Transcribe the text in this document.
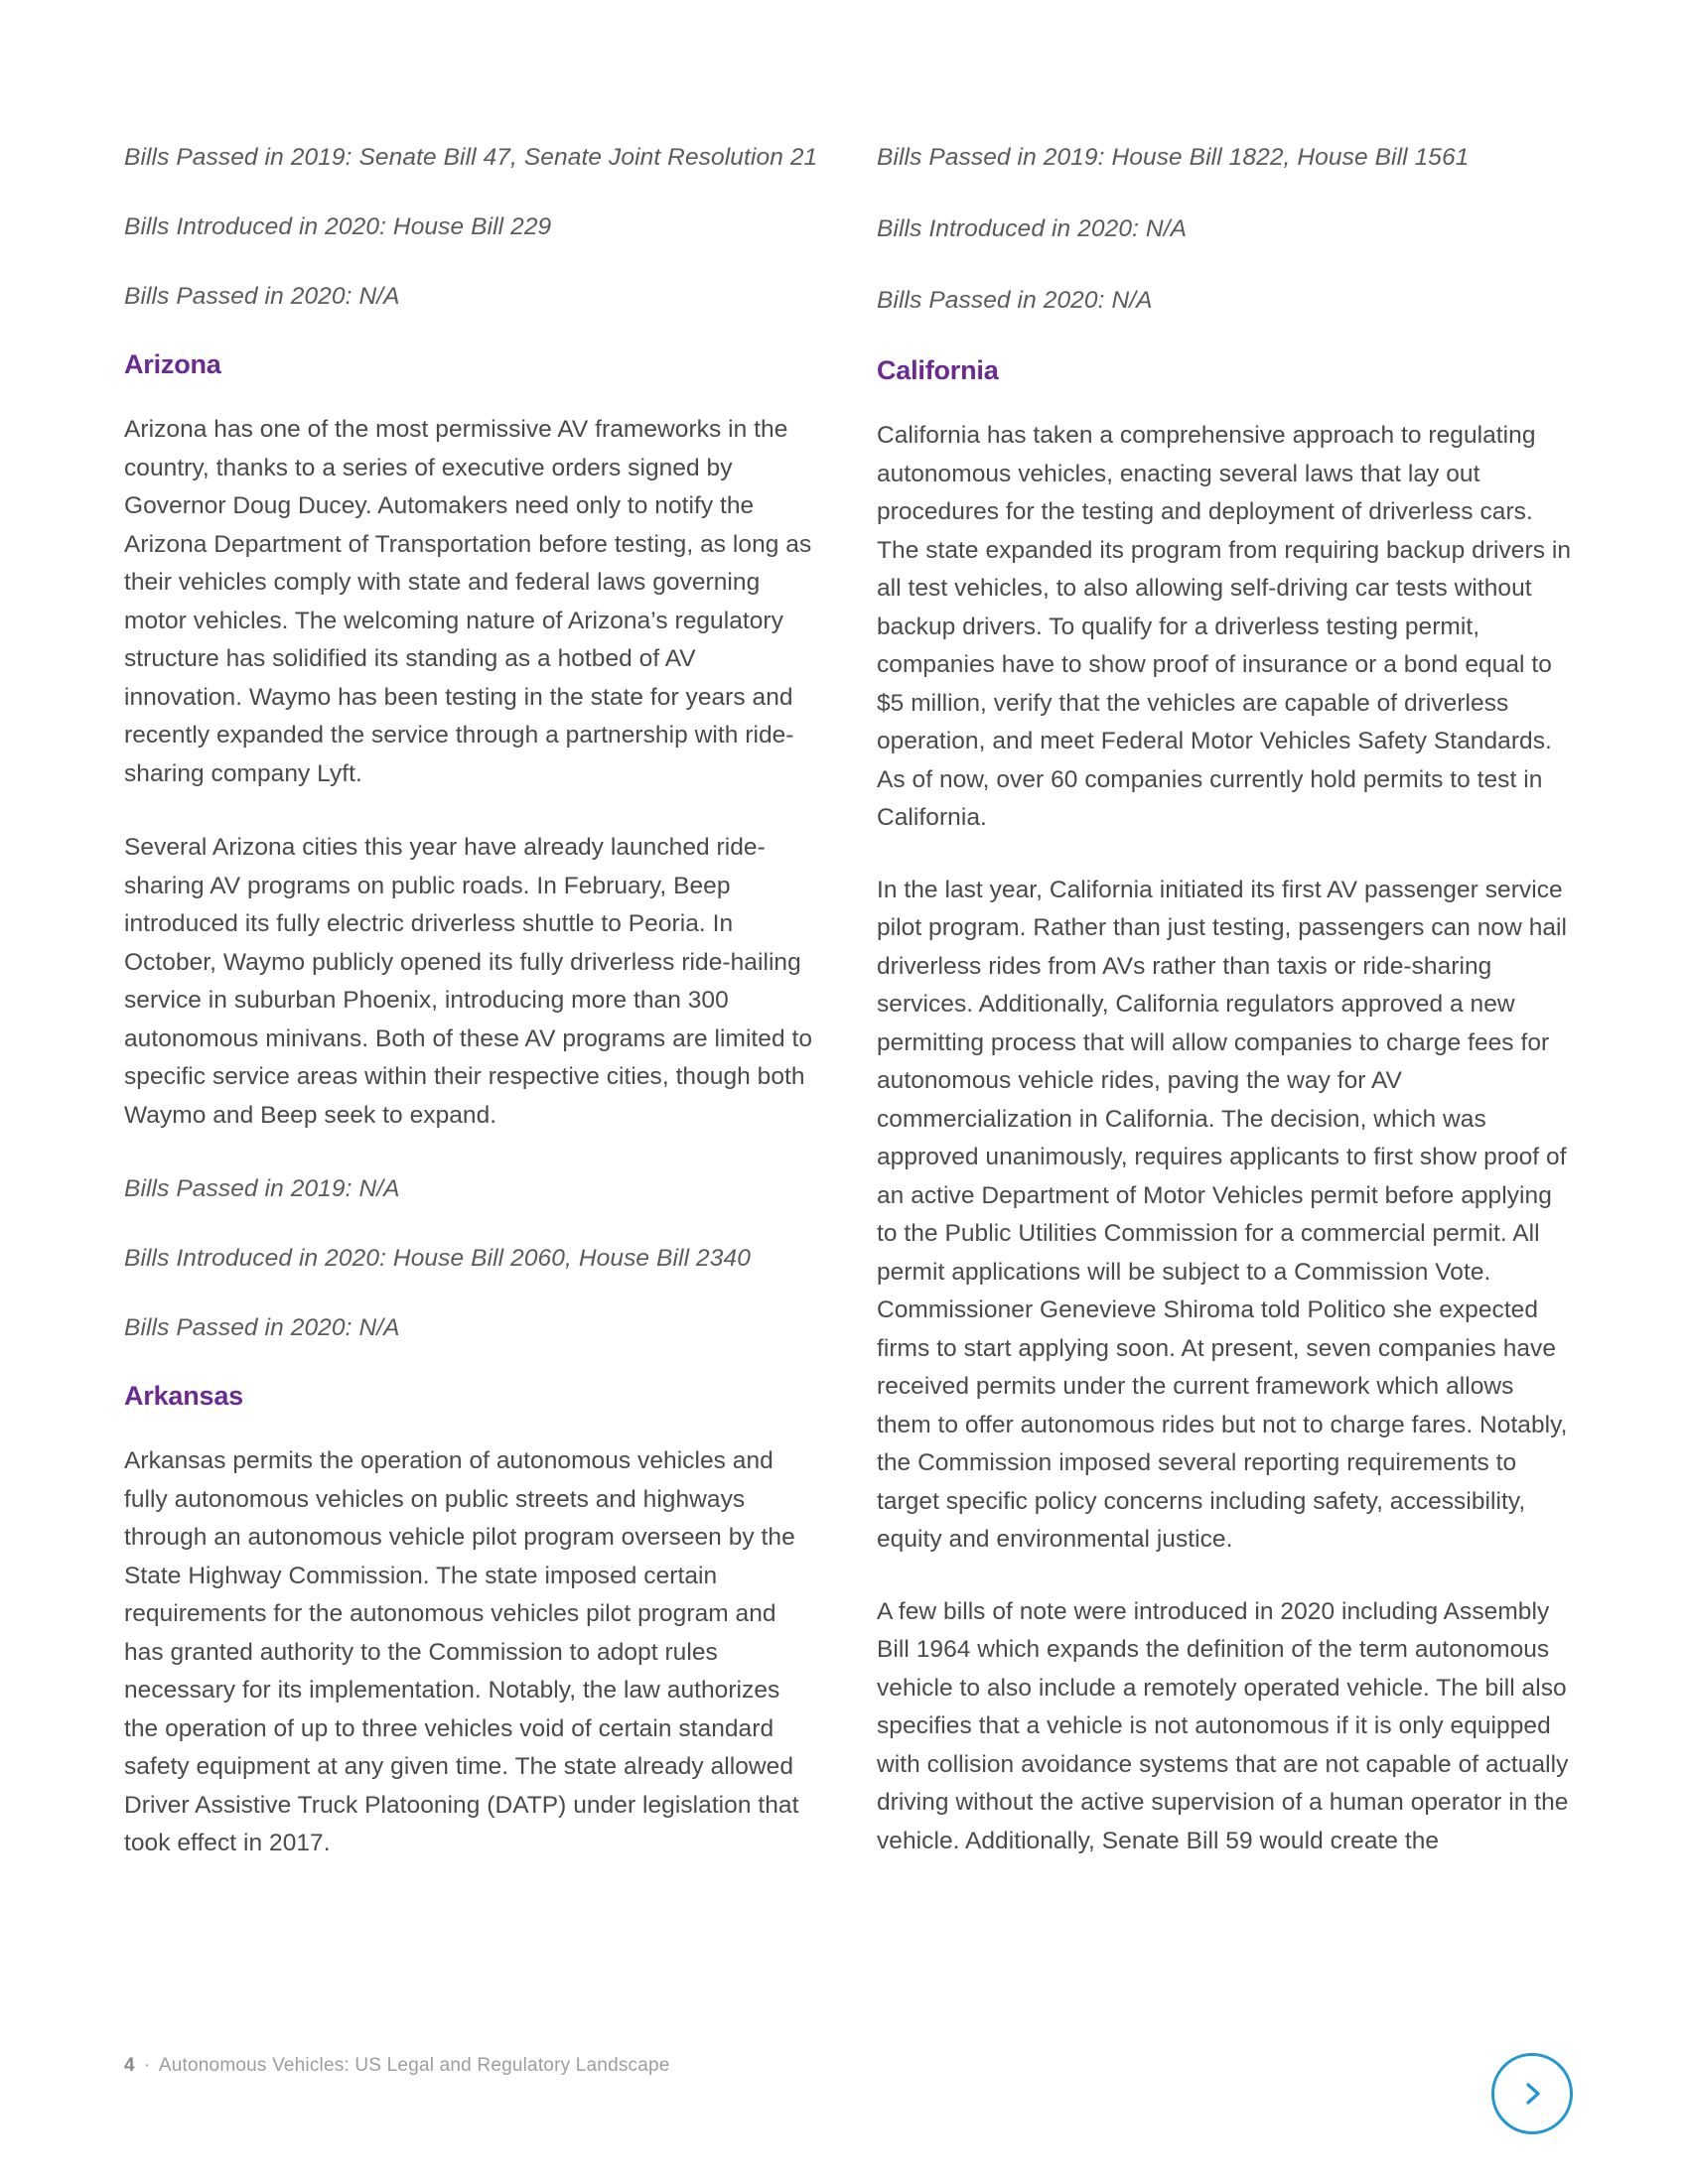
Bills Passed in 2019: Senate Bill 47, Senate Joint Resolution 21

Bills Introduced in 2020: House Bill 229

Bills Passed in 2020: N/A

Arizona

Arizona has one of the most permissive AV frameworks in the country, thanks to a series of executive orders signed by Governor Doug Ducey. Automakers need only to notify the Arizona Department of Transportation before testing, as long as their vehicles comply with state and federal laws governing motor vehicles. The welcoming nature of Arizona’s regulatory structure has solidified its standing as a hotbed of AV innovation. Waymo has been testing in the state for years and recently expanded the service through a partnership with ride-sharing company Lyft.

Several Arizona cities this year have already launched ride-sharing AV programs on public roads. In February, Beep introduced its fully electric driverless shuttle to Peoria. In October, Waymo publicly opened its fully driverless ride-hailing service in suburban Phoenix, introducing more than 300 autonomous minivans. Both of these AV programs are limited to specific service areas within their respective cities, though both Waymo and Beep seek to expand.

Bills Passed in 2019: N/A

Bills Introduced in 2020: House Bill 2060, House Bill 2340

Bills Passed in 2020: N/A

Arkansas

Arkansas permits the operation of autonomous vehicles and fully autonomous vehicles on public streets and highways through an autonomous vehicle pilot program overseen by the State Highway Commission. The state imposed certain requirements for the autonomous vehicles pilot program and has granted authority to the Commission to adopt rules necessary for its implementation. Notably, the law authorizes the operation of up to three vehicles void of certain standard safety equipment at any given time. The state already allowed Driver Assistive Truck Platooning (DATP) under legislation that took effect in 2017.

Bills Passed in 2019: House Bill 1822, House Bill 1561

Bills Introduced in 2020: N/A

Bills Passed in 2020: N/A

California

California has taken a comprehensive approach to regulating autonomous vehicles, enacting several laws that lay out procedures for the testing and deployment of driverless cars. The state expanded its program from requiring backup drivers in all test vehicles, to also allowing self-driving car tests without backup drivers. To qualify for a driverless testing permit, companies have to show proof of insurance or a bond equal to $5 million, verify that the vehicles are capable of driverless operation, and meet Federal Motor Vehicles Safety Standards. As of now, over 60 companies currently hold permits to test in California.

In the last year, California initiated its first AV passenger service pilot program. Rather than just testing, passengers can now hail driverless rides from AVs rather than taxis or ride-sharing services. Additionally, California regulators approved a new permitting process that will allow companies to charge fees for autonomous vehicle rides, paving the way for AV commercialization in California. The decision, which was approved unanimously, requires applicants to first show proof of an active Department of Motor Vehicles permit before applying to the Public Utilities Commission for a commercial permit. All permit applications will be subject to a Commission Vote. Commissioner Genevieve Shiroma told Politico she expected firms to start applying soon. At present, seven companies have received permits under the current framework which allows them to offer autonomous rides but not to charge fares. Notably, the Commission imposed several reporting requirements to target specific policy concerns including safety, accessibility, equity and environmental justice.

A few bills of note were introduced in 2020 including Assembly Bill 1964 which expands the definition of the term autonomous vehicle to also include a remotely operated vehicle. The bill also specifies that a vehicle is not autonomous if it is only equipped with collision avoidance systems that are not capable of actually driving without the active supervision of a human operator in the vehicle. Additionally, Senate Bill 59 would create the

4 · Autonomous Vehicles: US Legal and Regulatory Landscape
